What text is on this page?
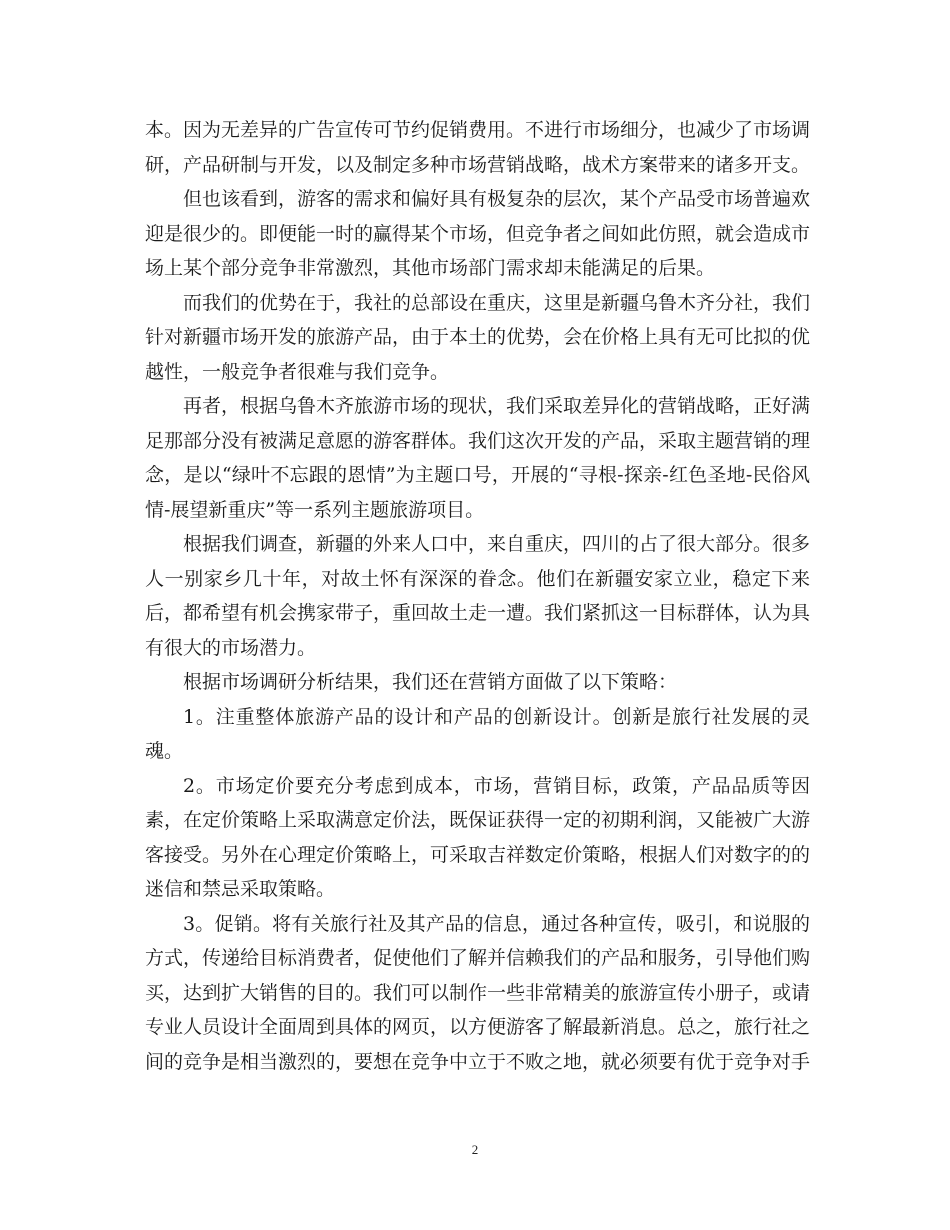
本。因为无差异的广告宣传可节约促销费用。不进行市场细分，也减少了市场调研，产品研制与开发，以及制定多种市场营销战略，战术方案带来的诸多开支。

但也该看到，游客的需求和偏好具有极复杂的层次，某个产品受市场普遍欢迎是很少的。即便能一时的赢得某个市场，但竞争者之间如此仿照，就会造成市场上某个部分竞争非常激烈，其他市场部门需求却未能满足的后果。

而我们的优势在于，我社的总部设在重庆，这里是新疆乌鲁木齐分社，我们针对新疆市场开发的旅游产品，由于本土的优势，会在价格上具有无可比拟的优越性，一般竞争者很难与我们竞争。

再者，根据乌鲁木齐旅游市场的现状，我们采取差异化的营销战略，正好满足那部分没有被满足意愿的游客群体。我们这次开发的产品，采取主题营销的理念，是以“绿叶不忘跟的恩情”为主题口号，开展的“寻根-探亲-红色圣地-民俗风情-展望新重庆”等一系列主题旅游项目。

根据我们调查，新疆的外来人口中，来自重庆，四川的占了很大部分。很多人一别家乡几十年，对故土怀有深深的眷念。他们在新疆安家立业，稳定下来后，都希望有机会携家带子，重回故土走一遭。我们紧抓这一目标群体，认为具有很大的市场潜力。

根据市场调研分析结果，我们还在营销方面做了以下策略：

1。注重整体旅游产品的设计和产品的创新设计。创新是旅行社发展的灵魂。

2。市场定价要充分考虑到成本，市场，营销目标，政策，产品品质等因素，在定价策略上采取满意定价法，既保证获得一定的初期利润，又能被广大游客接受。另外在心理定价策略上，可采取吉祥数定价策略，根据人们对数字的的迷信和禁忌采取策略。

3。促销。将有关旅行社及其产品的信息，通过各种宣传，吸引，和说服的方式，传递给目标消费者，促使他们了解并信赖我们的产品和服务，引导他们购买，达到扩大销售的目的。我们可以制作一些非常精美的旅游宣传小册子，或请专业人员设计全面周到具体的网页，以方便游客了解最新消息。总之，旅行社之间的竞争是相当激烈的，要想在竞争中立于不败之地，就必须要有优于竞争对手

2
